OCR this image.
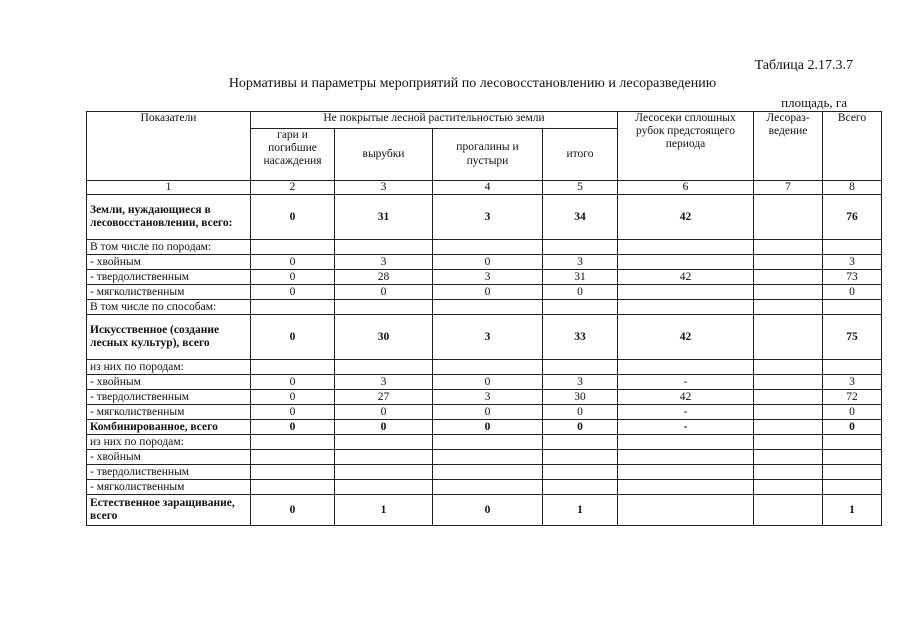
Таблица 2.17.3.7
Нормативы и параметры мероприятий по лесовосстановлению и лесоразведению
площадь, га
Показатели	Не покрытые лесной растительностью земли				Лесосеки сплошных рубок предстоящего периода	Лесораз-ведение	Всего
	гари и погибшие насаждения	вырубки	прогалины и пустыри	итого			
1	2	3	4	5	6	7	8
Земли, нуждающиеся в лесовосстановлении, всего:	0	31	3	34	42		76
В том числе по породам:							
- хвойным	0	3	0	3			3
- твердолиственным	0	28	3	31	42		73
- мягколиственным	0	0	0	0			0
В том числе по способам:							
Искусственное (создание лесных культур), всего	0	30	3	33	42		75
из них по породам:							
- хвойным	0	3	0	3	-		3
- твердолиственным	0	27	3	30	42		72
- мягколиственным	0	0	0	0	-		0
Комбинированное, всего	0	0	0	0	-		0
из них по породам:							
- хвойным							
- твердолиственным							
- мягколиственным							
Естественное заращивание, всего	0	1	0	1			1
